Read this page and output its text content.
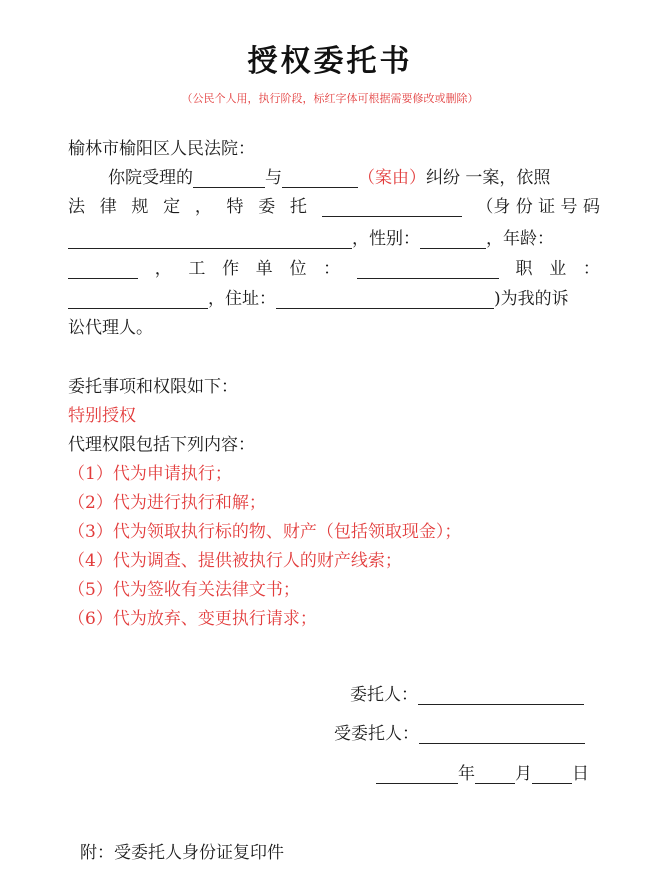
授权委托书
（公民个人用，执行阶段，标红字体可根据需要修改或删除）
榆林市榆阳区人民法院：
你院受理的	与	（案由）纠纷 一案，依照
法 律 规 定 ， 特 委 托	（身 份 证 号 码
，性别：	，年龄：
， 工 作 单 位 ：	职 业 ：
，住址：	)为我的诉
讼代理人。
委托事项和权限如下：
特别授权
代理权限包括下列内容：
（1）代为申请执行；
（2）代为进行执行和解；
（3）代为领取执行标的物、财产（包括领取现金）；
（4）代为调查、提供被执行人的财产线索；
（5）代为签收有关法律文书；
（6）代为放弃、变更执行请求；
委托人：
受委托人：
年 月 日
附：受委托人身份证复印件
